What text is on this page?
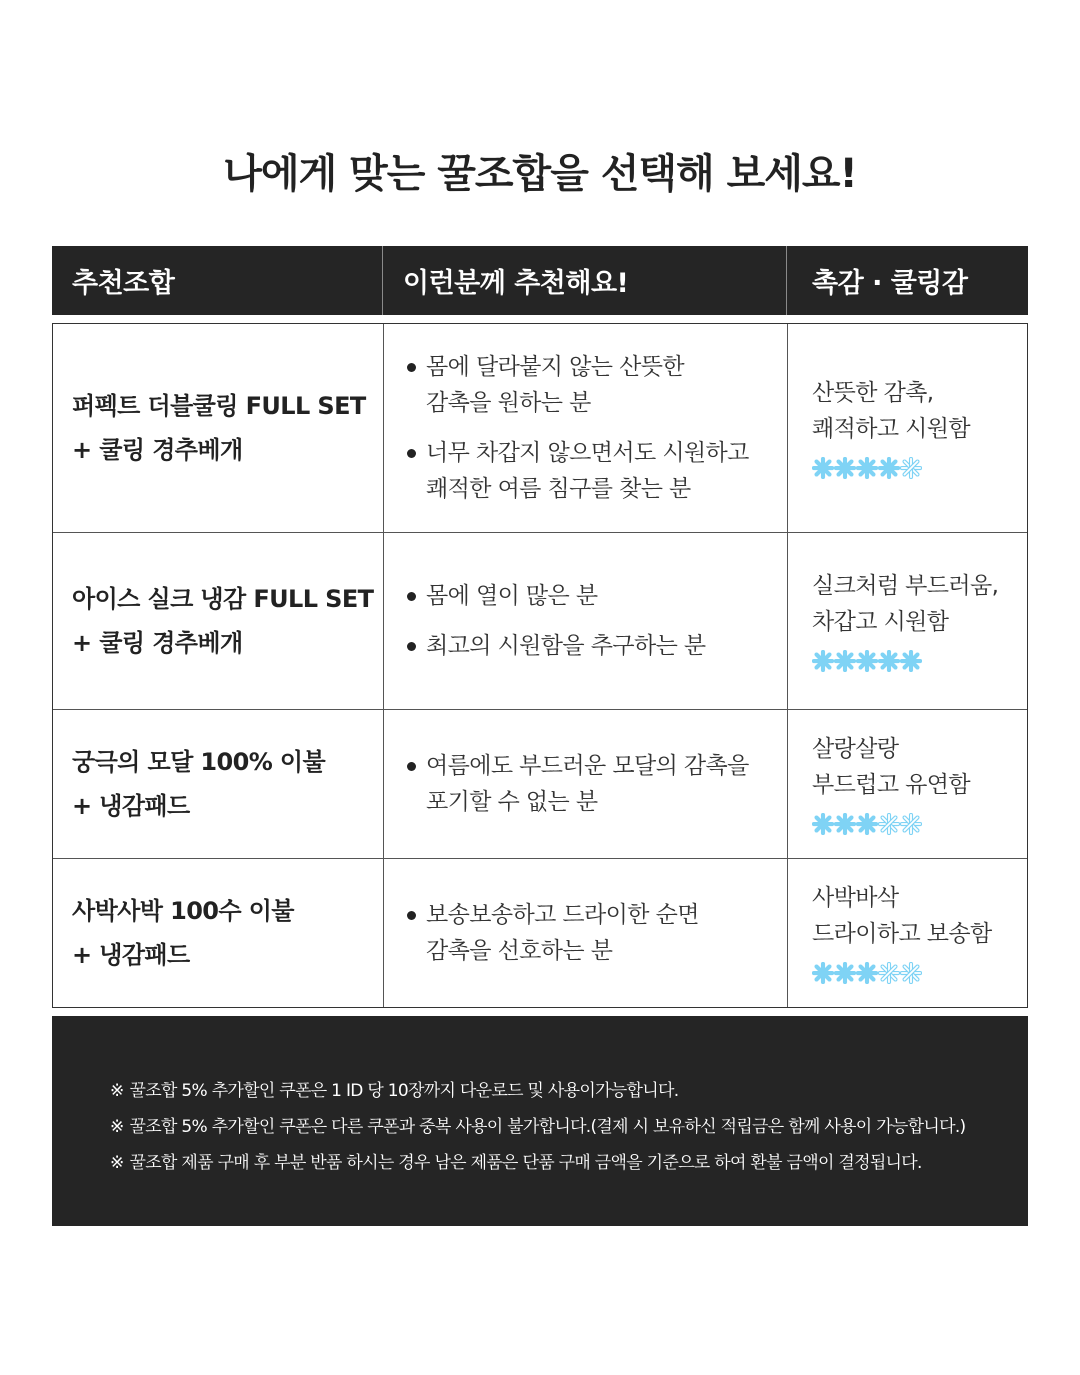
나에게 맞는 꿀조합을 선택해 보세요!
추천조합	이런분께 추천해요!	촉감 · 쿨링감
퍼펙트 더블쿨링 FULL SET
+ 쿨링 경추베개
몸에 달라붙지 않는 산뜻한
감촉을 원하는 분
너무 차갑지 않으면서도 시원하고
쾌적한 여름 침구를 찾는 분
산뜻한 감촉,
쾌적하고 시원함
아이스 실크 냉감 FULL SET
+ 쿨링 경추베개
몸에 열이 많은 분
최고의 시원함을 추구하는 분
실크처럼 부드러움,
차갑고 시원함
궁극의 모달 100% 이불
+ 냉감패드
여름에도 부드러운 모달의 감촉을
포기할 수 없는 분
살랑살랑
부드럽고 유연함
사박사박 100수 이불
+ 냉감패드
보송보송하고 드라이한 순면
감촉을 선호하는 분
사박바삭
드라이하고 보송함
※ 꿀조합 5% 추가할인 쿠폰은 1 ID 당 10장까지 다운로드 및 사용이가능합니다.
※ 꿀조합 5% 추가할인 쿠폰은 다른 쿠폰과 중복 사용이 불가합니다.(결제 시 보유하신 적립금은 함께 사용이 가능합니다.)
※ 꿀조합 제품 구매 후 부분 반품 하시는 경우 남은 제품은 단품 구매 금액을 기준으로 하여 환불 금액이 결정됩니다.
